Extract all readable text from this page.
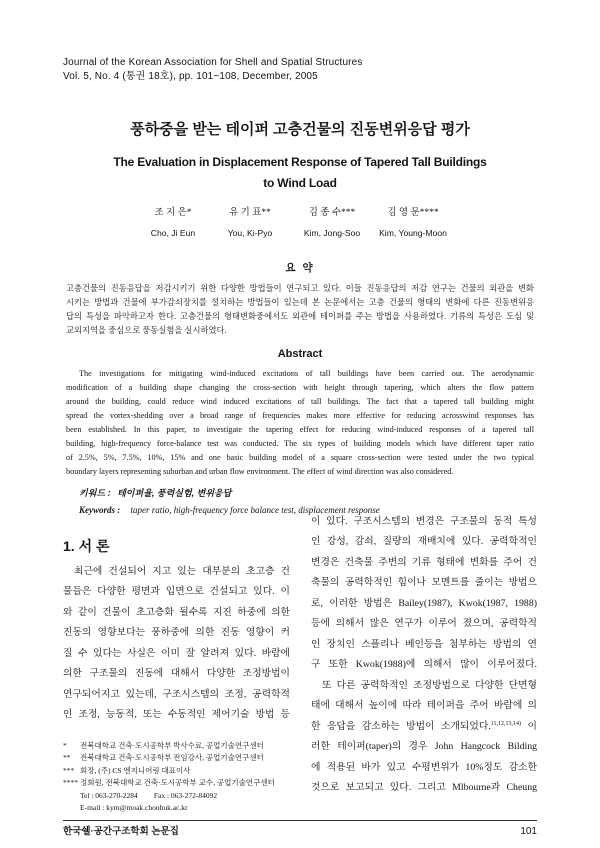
Journal of the Korean Association for Shell and Spatial Structures
Vol. 5, No. 4 (통권 18호), pp. 101~108, December, 2005
풍하중을 받는 테이퍼 고층건물의 진동변위응답 평가
The Evaluation in Displacement Response of Tapered Tall Buildings
to Wind Load
조 지 은*
Cho, Ji Eun
유 기 표**
You, Ki-Pyo
김 종 수***
Kim, Jong-Soo
김 영 문****
Kim, Young-Moon
요 약
고층건물의 진동응답을 저감시키기 위한 다양한 방법들이 연구되고 있다. 이들 진동응답의 저감 연구는 건물의 외관을 변화
시키는 방법과 건물에 부가감쇠장치를 설치하는 방법들이 있는데 본 논문에서는 고층 건물의 형태의 변화에 다른 진동변위응
답의 특성을 파악하고자 한다. 고층건물의 형태변화중에서도 외관에 테이퍼를 주는 방법을 사용하였다. 기류의 특성은 도심 및
교외지역을 중심으로 풍동실험을 실시하였다.
Abstract
The investigations for mitigating wind-induced excitations of tall buildings have been carried out. The aerodynamic
modification of a building shape changing the cross-section with height through tapering, which alters the flow pattern
around the building, could reduce wind induced excitations of tall buildings. The fact that a tapered tall building might
spread the vortex-shedding over a broad range of frequencies makes more effective for reducing acrosswind responses has
been established. In this paper, to investigate the tapering effect for reducing wind-induced responses of a tapered tall
building, high-frequency force-balance test was conducted. The six types of building models which have different taper ratio
of 2.5%, 5%, 7.5%, 10%, 15% and one basic building model of a square cross-section were tested under the two typical
boundary layers representing suburban and urban flow environment. The effect of wind direction was also considered.
키워드 : 테이퍼율, 풍력실험, 변위응답
Keywords : taper ratio, high-frequency force balance test, displacement response
1. 서 론
최근에 건설되어 지고 있는 대부분의 초고층 건
물들은 다양한 평면과 입면으로 건설되고 있다. 이
와 같이 건물이 초고층화 될수록 지진 하중에 의한
진동의 영향보다는 풍하중에 의한 진동 영향이 커
질 수 있다는 사실은 이미 잘 알려져 있다. 바람에
의한 구조물의 진동에 대해서 다양한 조정방법이
연구되어지고 있는데, 구조시스템의 조정, 공력학적
인 조정, 능동적, 또는 수동적인 제어기술 방법 등
* 전북대학교 건축·도시공학부 박사수료, 공업기술연구센터
** 전북대학교 건축·도시공학부 전임강사, 공업기술연구센터
*** 회장, (주) CS 엔지니어링 대표이사
**** 정회원, 전북대학교 건축·도시공학부 교수, 공업기술연구센터
Tel : 063-270-2284 Fax : 063-272-84092
E-mail : kym@moak.chonbuk.ac.kr
이 있다. 구조시스템의 변경은 구조물의 동적 특성
인 강성, 감쇠, 질량의 재배치에 있다. 공력학적인
변경은 건축물 주변의 기류 형태에 변화를 주어 건
축물의 공력학적인 힘이나 모멘트를 줄이는 방법으
로, 이러한 방법은 Bailey(1987), Kwok(1987, 1988)
등에 의해서 많은 연구가 이루어 졌으며, 공력학적
인 장치인 스플리나 베인등을 첨부하는 방법의 연
구 또한 Kwok(1988)에 의해서 많이 이루어졌다.
또 다른 공력학적인 조정방법으로 다양한 단면형
태에 대해서 높이에 따라 테이퍼을 주어 바람에 의
한 응답을 감소하는 방법이 소개되었다.$^{11,12,13,14)}$ 이
러한 테이퍼(taper)의 경우 John Hangcock Bilding
에 적용된 바가 있고 수평변위가 10%정도 감소한
것으로 보고되고 있다. 그리고 Mlbourne과 Cheung
한국쉘·공간구조학회 논문집	101
